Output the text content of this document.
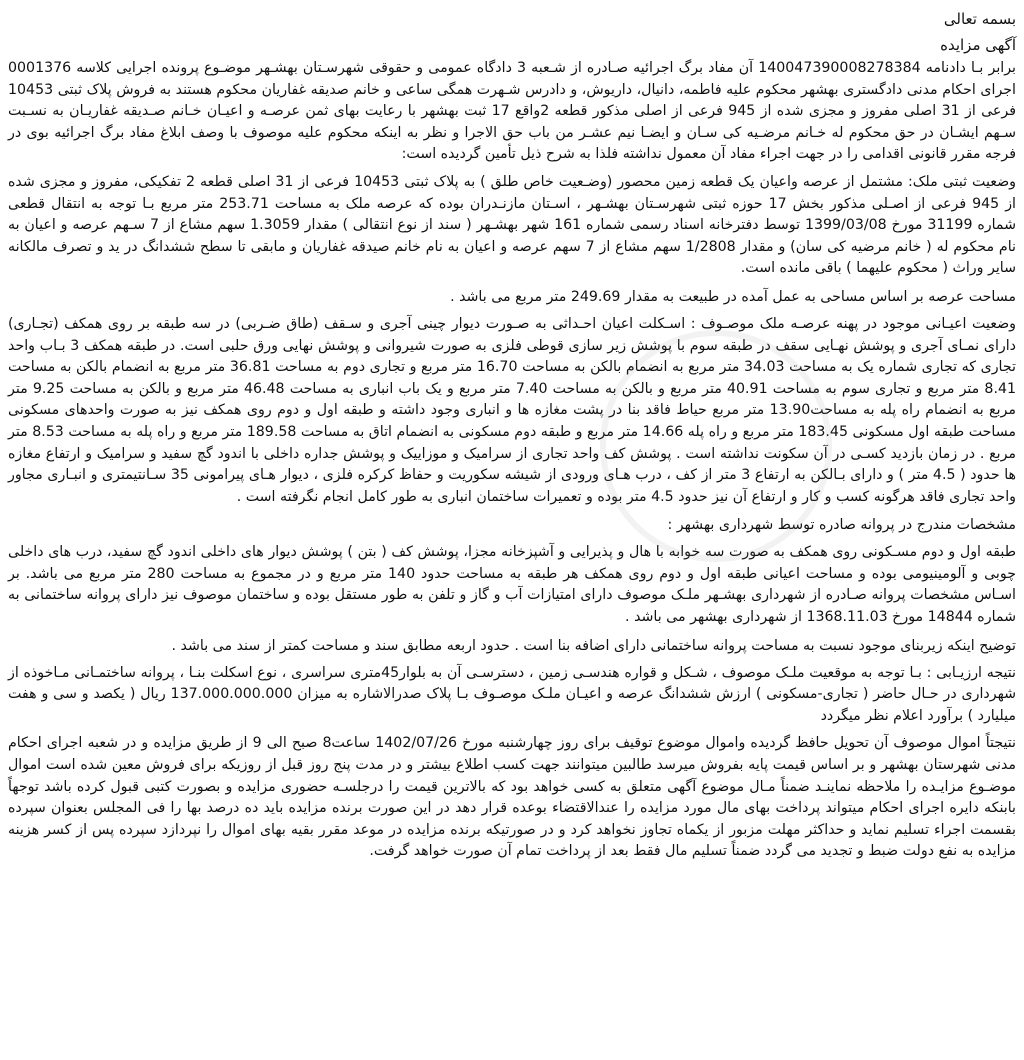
بسمه تعالی
آگهی مزایده

برابر بـا دادنامه 140047390008278384 آن مفاد برگ اجرائیه صـادره از شـعبه 3 دادگاه عمومی و حقوقی شهرسـتان بهشـهر موضـوع پرونده اجرایی کلاسه 0001376 اجرای احکام مدنی دادگستری بهشهر محکوم علیه فاطمه، دانیال، داریوش، و دادرس شـهرت همگی ساعی و خانم صدیقه غفاریان محکوم هستند به فروش پلاک ثبتی 10453 فرعی از 31 اصلی مفروز و مجزی شده از 945 فرعی از اصلی مذکور قطعه 2واقع 17 ثبت بهشهر با رعایت بهای ثمن عرصـه و اعیـان خـانم صـدیقه غفاریـان به نسـبت سـهم ایشـان در حق محکوم له خـانم مرضـیه کی سـان و ایضـا نیم عشـر من باب حق الاجرا و نظر به اینکه محکوم علیه موصوف با وصف ابلاغ مفاد برگ اجرائیه بوی در فرجه مقرر قانونی اقدامی را در جهت اجراء مفاد آن معمول نداشته فلذا به شرح ذیل تأمین گردیده است:

وضعیت ثبتی ملک: مشتمل از عرصه واعیان یک قطعه زمین محصور (وضـعیت خاص طلق ) به پلاک ثبتی 10453 فرعی از 31 اصلی قطعه 2 تفکیکی، مفروز و مجزی شده از 945 فرعی از اصـلی مذکور بخش 17 حوزه ثبتی شهرسـتان بهشـهر ، اسـتان مازنـدران بوده که عرصه ملک به مساحت 253.71 متر مربع بـا توجه به انتقال قطعی شماره 31199 مورخ 1399/03/08 توسط دفترخانه اسناد رسمی شماره 161 شهر بهشـهر ( سند از نوع انتقالی ) مقدار 1.3059 سهم مشاع از 7 سـهم عرصه و اعیان به نام محکوم له ( خانم مرضیه کی سان) و مقدار 1/2808 سهم مشاع از 7 سهم عرصه و اعیان به نام خانم صیدقه غفاریان و مابقی تا سطح ششدانگ در ید و تصرف مالکانه سایر وراث ( محکوم علیهما ) باقی مانده است.

مساحت عرصه بر اساس مساحی به عمل آمده در طبیعت به مقدار 249.69 متر مربع می باشد .

وضعیت اعیـانی موجود در پهنه عرصـه ملک موصـوف : اسـکلت اعیان احـداثی به صـورت دیوار چینی آجری و سـقف (طاق ضـربی) در سه طبقه بر روی همکف (تجـاری) دارای نمـای آجری و پوشش نهـایی سقف در طبقه سوم با پوشش زیر سازی قوطی فلزی به صورت شیروانی و پوشش نهایی ورق حلبی است. در طبقه همکف 3 بـاب واحد تجاری که تجاری شماره یک به مساحت 34.03 متر مربع به انضمام بالکن به مساحت 16.70 متر مربع و تجاری دوم به مساحت 36.81 متر مربع به انضمام بالکن به مساحت 8.41 متر مربع و تجاری سوم به مساحت 40.91 متر مربع و بالکن به مساحت 7.40 متر مربع و یک باب انباری به مساحت 46.48 متر مربع و بالکن به مساحت 9.25 متر مربع به انضمام راه پله به مساحت13.90 متر مربع حیاط فاقد بنا در پشت مغازه ها و انباری وجود داشته و طبقه اول و دوم روی همکف نیز به صورت واحدهای مسکونی مساحت طبقه اول مسکونی 183.45 متر مربع و راه پله 14.66 متر مربع و طبقه دوم مسکونی به انضمام اتاق به مساحت 189.58 متر مربع و راه پله به مساحت 8.53 متر مربع . در زمان بازدید کسـی در آن سکونت نداشته است . پوشش کف واحد تجاری از سرامیک و موزاییک و پوشش جداره داخلی با اندود گچ سفید و سرامیک و ارتفاع مغازه ها حدود ( 4.5 متر ) و دارای بـالکن به ارتفاع 3 متر از کف ، درب هـای ورودی از شیشه سکوریت و حفاظ کرکره فلزی ، دیوار هـای پیرامونی 35 سـانتیمتری و انبـاری مجاور واحد تجاری فاقد هرگونه کسب و کار و ارتفاع آن نیز حدود 4.5 متر بوده و تعمیرات ساختمان انباری به طور کامل انجام نگرفته است .

مشخصات مندرج در پروانه صادره توسط شهرداری بهشهر :

طبقه اول و دوم مسـکونی روی همکف به صورت سه خوابه با هال و پذیرایی و آشپزخانه مجزا، پوشش کف ( بتن ) پوشش دیوار های داخلی اندود گچ سفید، درب های داخلی چوبی و آلومینیومی بوده و مساحت اعیانی طبقه اول و دوم روی همکف هر طبقه به مساحت حدود 140 متر مربع و در مجموع به مساحت 280 متر مربع می باشد. بر اسـاس مشخصات پروانه صـادره از شهرداری بهشـهر ملـک موصوف دارای امتیازات آب و گاز و تلفن به طور مستقل بوده و ساختمان موصوف نیز دارای پروانه ساختمانی به شماره 14844 مورخ 1368.11.03 از شهرداری بهشهر می باشد .

توضیح اینکه زیربنای موجود نسبت به مساحت پروانه ساختمانی دارای اضافه بنا است . حدود اربعه مطابق سند و مساحت کمتر از سند می باشد .

نتیجه ارزیـابی : بـا توجه به موقعیت ملـک موصوف ، شـکل و قواره هندسـی زمین ، دسترسـی آن به بلوار45متری سراسری ، نوع اسکلت بنـا ، پروانه ساختمـانی مـاخوذه از شهرداری در حـال حاضر ( تجاری-مسکونی ) ارزش ششدانگ عرصه و اعیـان ملـک موصـوف بـا پلاک صدرالاشاره به میزان 137.000.000.000 ریال ( یکصد و سی و هفت میلیارد ) برآورد اعلام نظر میگردد

نتیجتاً اموال موصوف آن تحویل حافظ گردیده واموال موضوع توقیف برای روز چهارشنبه مورخ 1402/07/26 ساعت8 صبح الی 9 از طریق مزایده و در شعبه اجرای احکام مدنی شهرستان بهشهر و بر اساس قیمت پایه بفروش میرسد طالبین میتوانند جهت کسب اطلاع بیشتر و در مدت پنج روز قبل از روزیکه برای فروش معین شده است اموال موضـوع مزایـده را ملاحظه نماینـد ضمناً مـال موضوع آگهی متعلق به کسی خواهد بود که بالاترین قیمت را درجلسـه حضوری مزایده و بصورت کتبی قبول کرده باشد توجهاً بابنکه دایره اجرای احکام میتواند پرداخت بهای مال مورد مزایده را عندالاقتضاء بوعده قرار دهد در این صورت برنده مزایده باید ده درصد بها را فی المجلس بعنوان سپرده بقسمت اجراء تسلیم نماید و حداکثر مهلت مزبور از یکماه تجاوز نخواهد کرد و در صورتیکه برنده مزایده در موعد مقرر بقیه بهای اموال را نپردازد سپرده پس از کسر هزینه مزایده به نفع دولت ضبط و تجدید می گردد ضمناً تسلیم مال فقط بعد از پرداخت تمام آن صورت خواهد گرفت.
